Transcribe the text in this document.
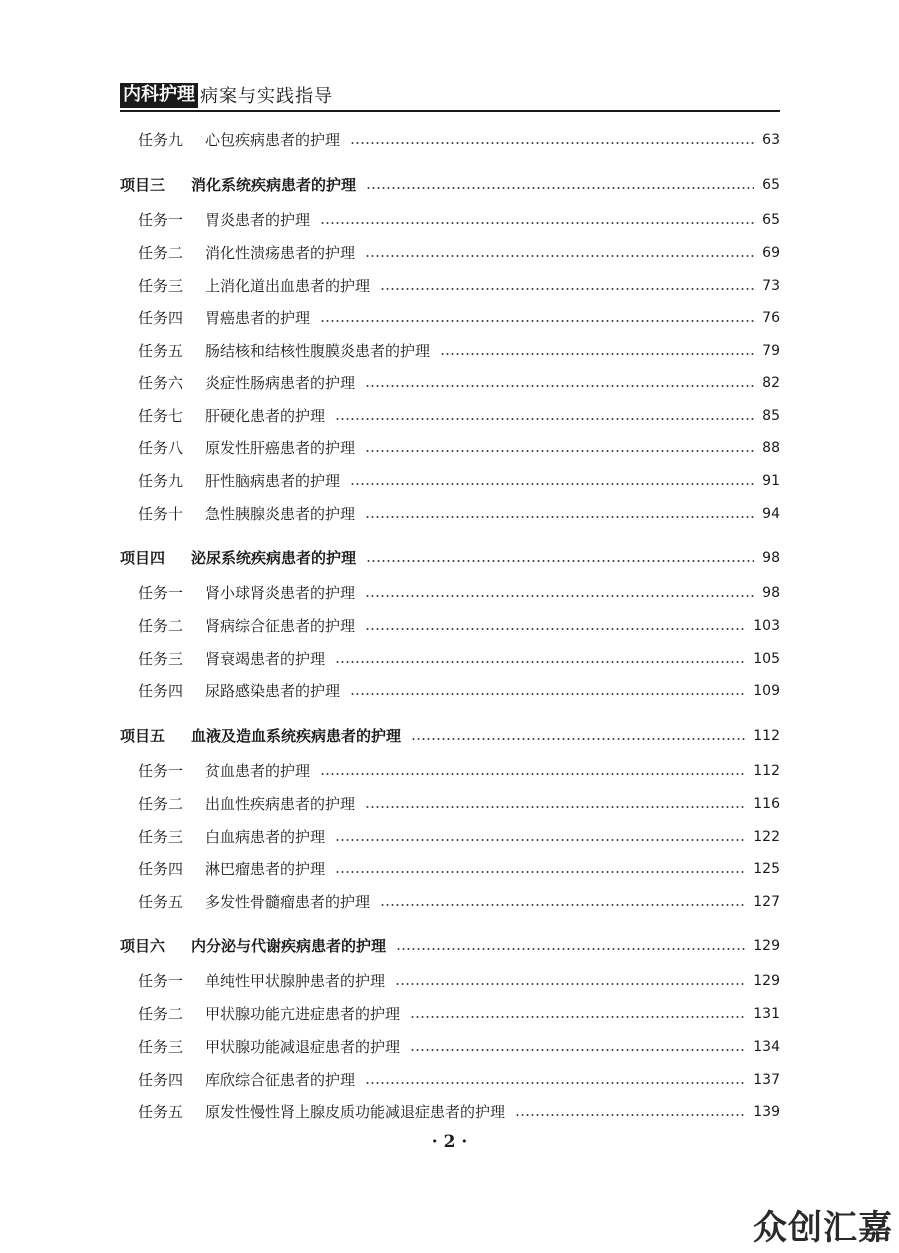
内科护理 病案与实践指导
任务九	心包疾病患者的护理	63
项目三	消化系统疾病患者的护理	65
任务一	胃炎患者的护理	65
任务二	消化性溃疡患者的护理	69
任务三	上消化道出血患者的护理	73
任务四	胃癌患者的护理	76
任务五	肠结核和结核性腹膜炎患者的护理	79
任务六	炎症性肠病患者的护理	82
任务七	肝硬化患者的护理	85
任务八	原发性肝癌患者的护理	88
任务九	肝性脑病患者的护理	91
任务十	急性胰腺炎患者的护理	94
项目四	泌尿系统疾病患者的护理	98
任务一	肾小球肾炎患者的护理	98
任务二	肾病综合征患者的护理	103
任务三	肾衰竭患者的护理	105
任务四	尿路感染患者的护理	109
项目五	血液及造血系统疾病患者的护理	112
任务一	贫血患者的护理	112
任务二	出血性疾病患者的护理	116
任务三	白血病患者的护理	122
任务四	淋巴瘤患者的护理	125
任务五	多发性骨髓瘤患者的护理	127
项目六	内分泌与代谢疾病患者的护理	129
任务一	单纯性甲状腺肿患者的护理	129
任务二	甲状腺功能亢进症患者的护理	131
任务三	甲状腺功能减退症患者的护理	134
任务四	库欣综合征患者的护理	137
任务五	原发性慢性肾上腺皮质功能减退症患者的护理	139
· 2 ·
众创汇嘉
